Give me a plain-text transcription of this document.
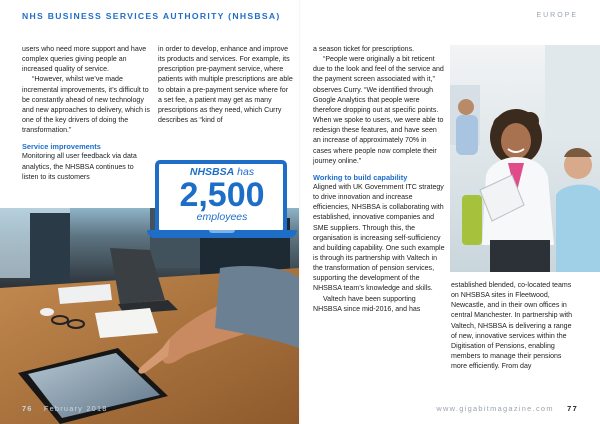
NHS BUSINESS SERVICES AUTHORITY (NHSBSA)	EUROPE

users who need more support and have complex queries giving people an increased quality of service.

“However, whilst we’ve made incremental improvements, it’s difficult to be constantly ahead of new technology and new approaches to delivery, which is one of the key drivers of doing the transformation.”

Service improvements

Monitoring all user feedback via data analytics, the NHSBSA continues to listen to its customers

in order to develop, enhance and improve its products and services. For example, its prescription pre-payment service, where patients with multiple prescriptions are able to obtain a pre-payment service where for a set fee, a patient may get as many prescriptions as they need, which Curry describes as “kind of

a season ticket for prescriptions.

“People were originally a bit reticent due to the look and feel of the service and the payment screen associated with it,” observes Curry. “We identified through Google Analytics that people were therefore dropping out at specific points. When we spoke to users, we were able to redesign these features, and have seen an increase of approximately 70% in cases where people now complete their journey online.”

Working to build capability

Aligned with UK Government ITC strategy to drive innovation and increase efficiencies, NHSBSA is collaborating with established, innovative companies and SME suppliers. Through this, the organisation is increasing self-sufficiency and building capability. One such example is through its partnership with Valtech in the transformation of pension services, supporting the development of the NHSBSA team’s knowledge and skills.

Valtech have been supporting NHSBSA since mid-2016, and has

established blended, co-located teams on NHSBSA sites in Fleetwood, Newcastle, and in their own offices in central Manchester. In partnership with Valtech, NHSBSA is delivering a range of new, innovative services within the Digitisation of Pensions, enabling members to manage their pensions more efficiently. From day

NHSBSA has
2,500
employees
76 February 2018	www.gigabitmagazine.com 77
